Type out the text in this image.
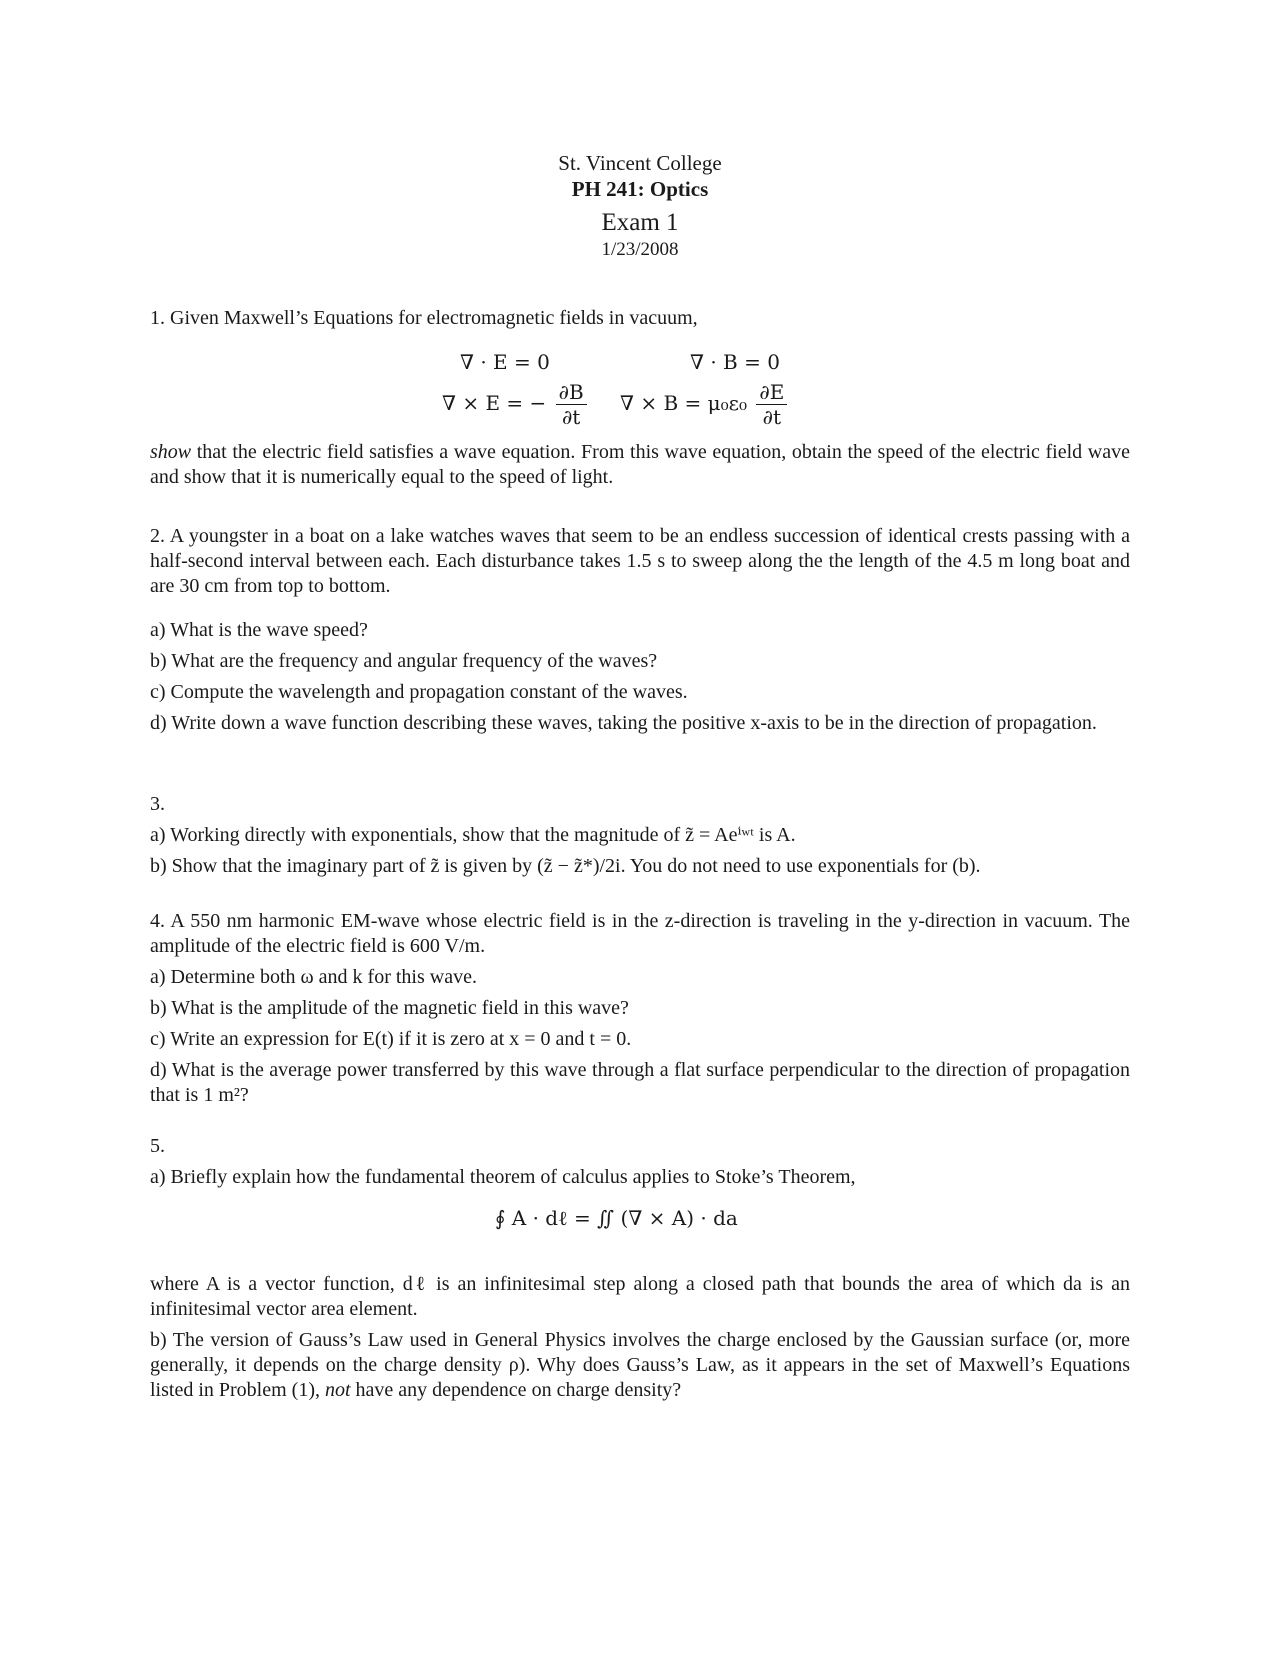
St. Vincent College
PH 241: Optics
Exam 1
1/23/2008

1. Given Maxwell’s Equations for electromagnetic fields in vacuum,

∇ · E = 0	∇ · B = 0
∇ × E = − $\frac{\partial B}{\partial t}$ ∇ × $B = \mu_0\varepsilon_0 \frac{\partial E}{\partial t}$

show that the electric field satisfies a wave equation. From this wave equation, obtain the speed of the electric field wave and show that it is numerically equal to the speed of light.

2. A youngster in a boat on a lake watches waves that seem to be an endless succession of identical crests passing with a half-second interval between each. Each disturbance takes 1.5 s to sweep along the the length of the 4.5 m long boat and are 30 cm from top to bottom.

a) What is the wave speed?

b) What are the frequency and angular frequency of the waves?

c) Compute the wavelength and propagation constant of the waves.

d) Write down a wave function describing these waves, taking the positive x-axis to be in the direction of propagation.

3.

a) Working directly with exponentials, show that the magnitude of z̃ = Aeⁱʷᵗ is A.

b) Show that the imaginary part of z̃ is given by (z̃ − z̃*)/2i. You do not need to use exponentials for (b).

4. A 550 nm harmonic EM-wave whose electric field is in the z-direction is traveling in the y-direction in vacuum. The amplitude of the electric field is 600 V/m.

a) Determine both ω and k for this wave.

b) What is the amplitude of the magnetic field in this wave?

c) Write an expression for E(t) if it is zero at x = 0 and t = 0.

d) What is the average power transferred by this wave through a flat surface perpendicular to the direction of propagation that is 1 m²?

5.

a) Briefly explain how the fundamental theorem of calculus applies to Stoke’s Theorem,

∮ A · dℓ = ∬ (∇ × A) · da

where A is a vector function, dℓ is an infinitesimal step along a closed path that bounds the area of which da is an infinitesimal vector area element.

b) The version of Gauss’s Law used in General Physics involves the charge enclosed by the Gaussian surface (or, more generally, it depends on the charge density ρ). Why does Gauss’s Law, as it appears in the set of Maxwell’s Equations listed in Problem (1), not have any dependence on charge density?
